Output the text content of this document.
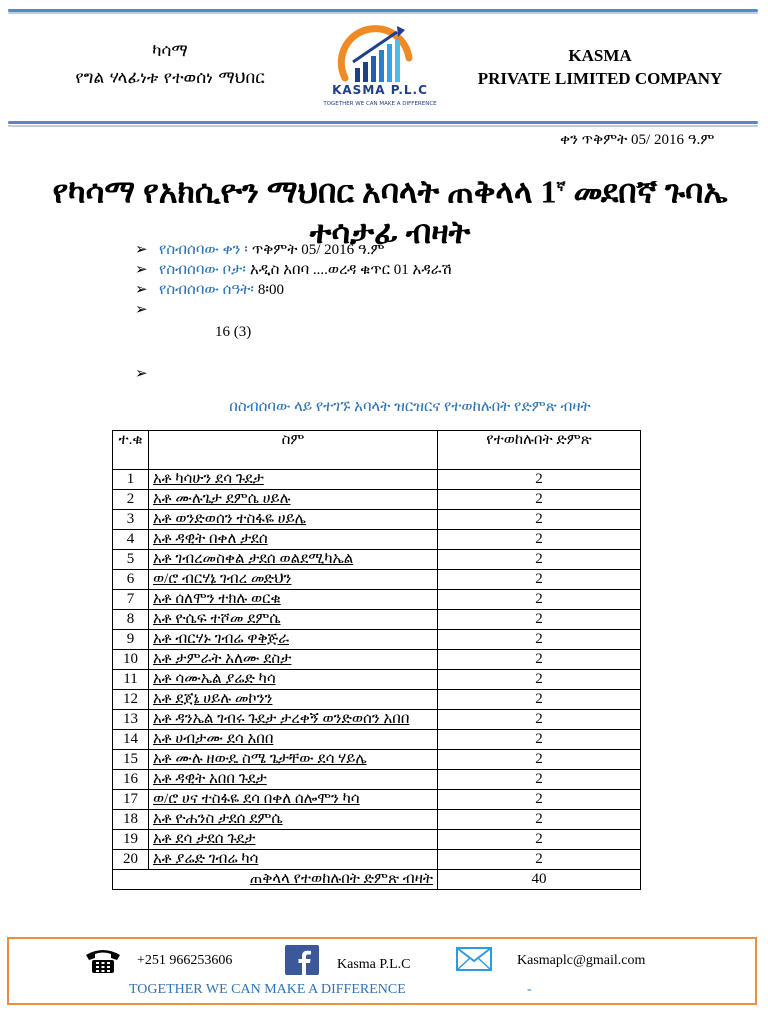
ካሳማ
የግል ሃላፊነቱ የተወሰነ ማህበር
KASMA P.L.C
TOGETHER WE CAN MAKE A DIFFERENCE
KASMA
PRIVATE LIMITED COMPANY
ቀን ጥቅምት 05/ 2016 ዓ.ም
የካሳማ የአክሲዮን ማህበር አባላት ጠቅላላ $1^ኛ$ መደበኛ ጉባኤ ተሳታፊ ብዛት
➢ የስብሰባው ቀን ፡ ጥቅምት 05/ 2016 ዓ.ም
➢ የስብሰባው ቦታ፡ አዲስ አበባ ....ወረዳ ቁጥር 01 አዳራሽ
➢ የስብሰባው ሰዓት፡ 8፡00
➢
16 (3)
➢
በስብሰባው ላይ የተገኙ አባላት ዝርዝርና የተወከሉበት የድምጽ ብዛት
ተ.ቁ	ስም	የተወከሉበት ድምጽ
1	አቶ ካሳሁን ደሳ ጉደታ	2
2	አቶ ሙሉጌታ ደምሴ ሀይሉ	2
3	አቶ ወንድወሰን ተስፋዬ ሀይሌ	2
4	አቶ ዳዊት በቀለ ታደሰ	2
5	አቶ ገብረመስቀል ታደሰ ወልደሚካኤል	2
6	ወ/ሮ ብርሃኔ ገብረ መድህን	2
7	አቶ ሰለሞን ተክሉ ወርቁ	2
8	አቶ ዮሴፍ ተሾመ ደምሴ	2
9	አቶ ብርሃኑ ገብሬ ዋቅጅራ	2
10	አቶ ታምራት አለሙ ደስታ	2
11	አቶ ሳሙኤል ያሬድ ካሳ	2
12	አቶ ደጀኔ ሀይሉ መኮንን	2
13	አቶ ዳንኤል ገብሩ ጉደታ ታረቀኝ ወንድወሰን አበበ	2
14	አቶ ሀብታሙ ደሳ አበበ	2
15	አቶ ሙሉ ዘውዴ ስሜ ጌታቸው ደሳ ሃይሌ	2
16	አቶ ዳዊት አበበ ጉደታ	2
17	ወ/ሮ ሀና ተስፋዬ ደሳ በቀለ ሰሎሞን ካሳ	2
18	አቶ ዮሐንስ ታደሰ ደምሴ	2
19	አቶ ደሳ ታደሰ ጉደታ	2
20	አቶ ያሬድ ገብሬ ካሳ	2
ጠቅላላ የተወከሉበት ድምጽ ብዛት		40
+251 966253606	Kasma P.L.C	Kasmaplc@gmail.com
TOGETHER WE CAN MAKE A DIFFERENCE	-
